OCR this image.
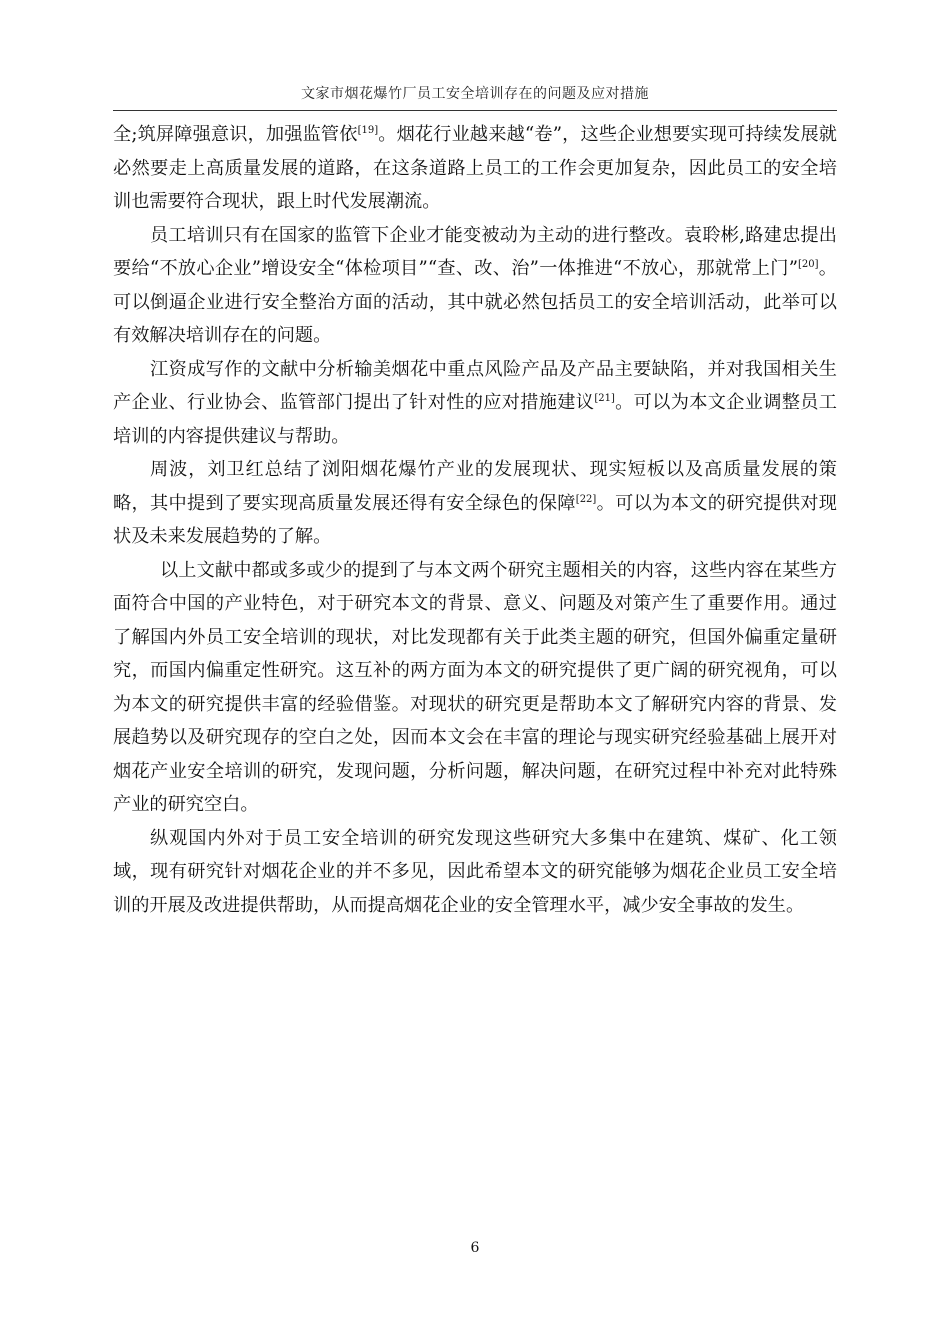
文家市烟花爆竹厂员工安全培训存在的问题及应对措施

全;筑屏障强意识，加强监管依[19]。烟花行业越来越“卷”，这些企业想要实现可持续发展就必然要走上高质量发展的道路，在这条道路上员工的工作会更加复杂，因此员工的安全培训也需要符合现状，跟上时代发展潮流。

员工培训只有在国家的监管下企业才能变被动为主动的进行整改。袁聆彬,路建忠提出要给“不放心企业”增设安全“体检项目”“查、改、治”一体推进“不放心，那就常上门”[20]。可以倒逼企业进行安全整治方面的活动，其中就必然包括员工的安全培训活动，此举可以有效解决培训存在的问题。

江资成写作的文献中分析输美烟花中重点风险产品及产品主要缺陷，并对我国相关生产企业、行业协会、监管部门提出了针对性的应对措施建议[21]。可以为本文企业调整员工培训的内容提供建议与帮助。

周波，刘卫红总结了浏阳烟花爆竹产业的发展现状、现实短板以及高质量发展的策略，其中提到了要实现高质量发展还得有安全绿色的保障[22]。可以为本文的研究提供对现状及未来发展趋势的了解。

以上文献中都或多或少的提到了与本文两个研究主题相关的内容，这些内容在某些方面符合中国的产业特色，对于研究本文的背景、意义、问题及对策产生了重要作用。通过了解国内外员工安全培训的现状，对比发现都有关于此类主题的研究，但国外偏重定量研究，而国内偏重定性研究。这互补的两方面为本文的研究提供了更广阔的研究视角，可以为本文的研究提供丰富的经验借鉴。对现状的研究更是帮助本文了解研究内容的背景、发展趋势以及研究现存的空白之处，因而本文会在丰富的理论与现实研究经验基础上展开对烟花产业安全培训的研究，发现问题，分析问题，解决问题，在研究过程中补充对此特殊产业的研究空白。

纵观国内外对于员工安全培训的研究发现这些研究大多集中在建筑、煤矿、化工领域，现有研究针对烟花企业的并不多见，因此希望本文的研究能够为烟花企业员工安全培训的开展及改进提供帮助，从而提高烟花企业的安全管理水平，减少安全事故的发生。

6
